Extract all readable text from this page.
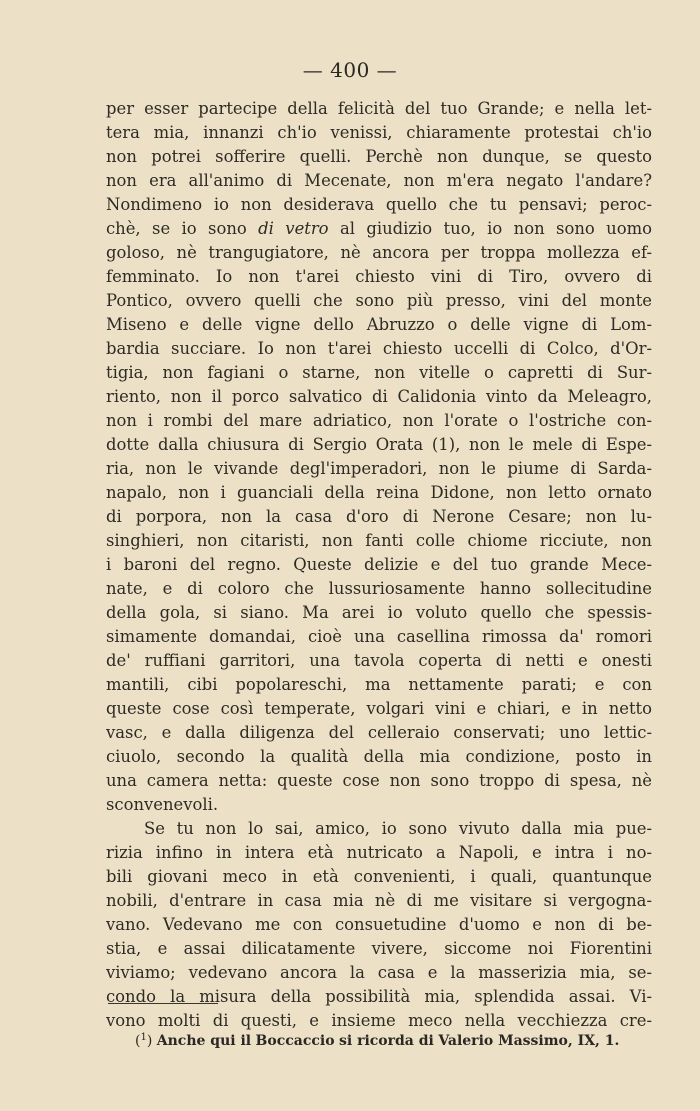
— 400 —
per esser partecipe della felicità del tuo Grande; e nella let-
tera mia, innanzi ch'io venissi, chiaramente protestai ch'io
non potrei sofferire quelli. Perchè non dunque, se questo
non era all'animo di Mecenate, non m'era negato l'andare?
Nondimeno io non desiderava quello che tu pensavi; peroc-
chè, se io sono di vetro al giudizio tuo, io non sono uomo
goloso, nè trangugiatore, nè ancora per troppa mollezza ef-
femminato. Io non t'arei chiesto vini di Tiro, ovvero di
Pontico, ovvero quelli che sono più presso, vini del monte
Miseno e delle vigne dello Abruzzo o delle vigne di Lom-
bardia succiare. Io non t'arei chiesto uccelli di Colco, d'Or-
tigia, non fagiani o starne, non vitelle o capretti di Sur-
riento, non il porco salvatico di Calidonia vinto da Meleagro,
non i rombi del mare adriatico, non l'orate o l'ostriche con-
dotte dalla chiusura di Sergio Orata (1), non le mele di Espe-
ria, non le vivande degl'imperadori, non le piume di Sarda-
napalo, non i guanciali della reina Didone, non letto ornato
di porpora, non la casa d'oro di Nerone Cesare; non lu-
singhieri, non citaristi, non fanti colle chiome ricciute, non
i baroni del regno. Queste delizie e del tuo grande Mece-
nate, e di coloro che lussuriosamente hanno sollecitudine
della gola, si siano. Ma arei io voluto quello che spessis-
simamente domandai, cioè una casellina rimossa da' romori
de' ruffiani garritori, una tavola coperta di netti e onesti
mantili, cibi popolareschi, ma nettamente parati; e con
queste cose così temperate, volgari vini e chiari, e in netto
vasc, e dalla diligenza del celleraio conservati; uno lettic-
ciuolo, secondo la qualità della mia condizione, posto in
una camera netta: queste cose non sono troppo di spesa, nè
sconvenevoli.
Se tu non lo sai, amico, io sono vivuto dalla mia pue-
rizia infino in intera età nutricato a Napoli, e intra i no-
bili giovani meco in età convenienti, i quali, quantunque
nobili, d'entrare in casa mia nè di me visitare si vergogna-
vano. Vedevano me con consuetudine d'uomo e non di be-
stia, e assai dilicatamente vivere, siccome noi Fiorentini
viviamo; vedevano ancora la casa e la masserizia mia, se-
condo la misura della possibilità mia, splendida assai. Vi-
vono molti di questi, e insieme meco nella vecchiezza cre-
($^1$) Anche qui il Boccaccio si ricorda di Valerio Massimo, IX, 1.
